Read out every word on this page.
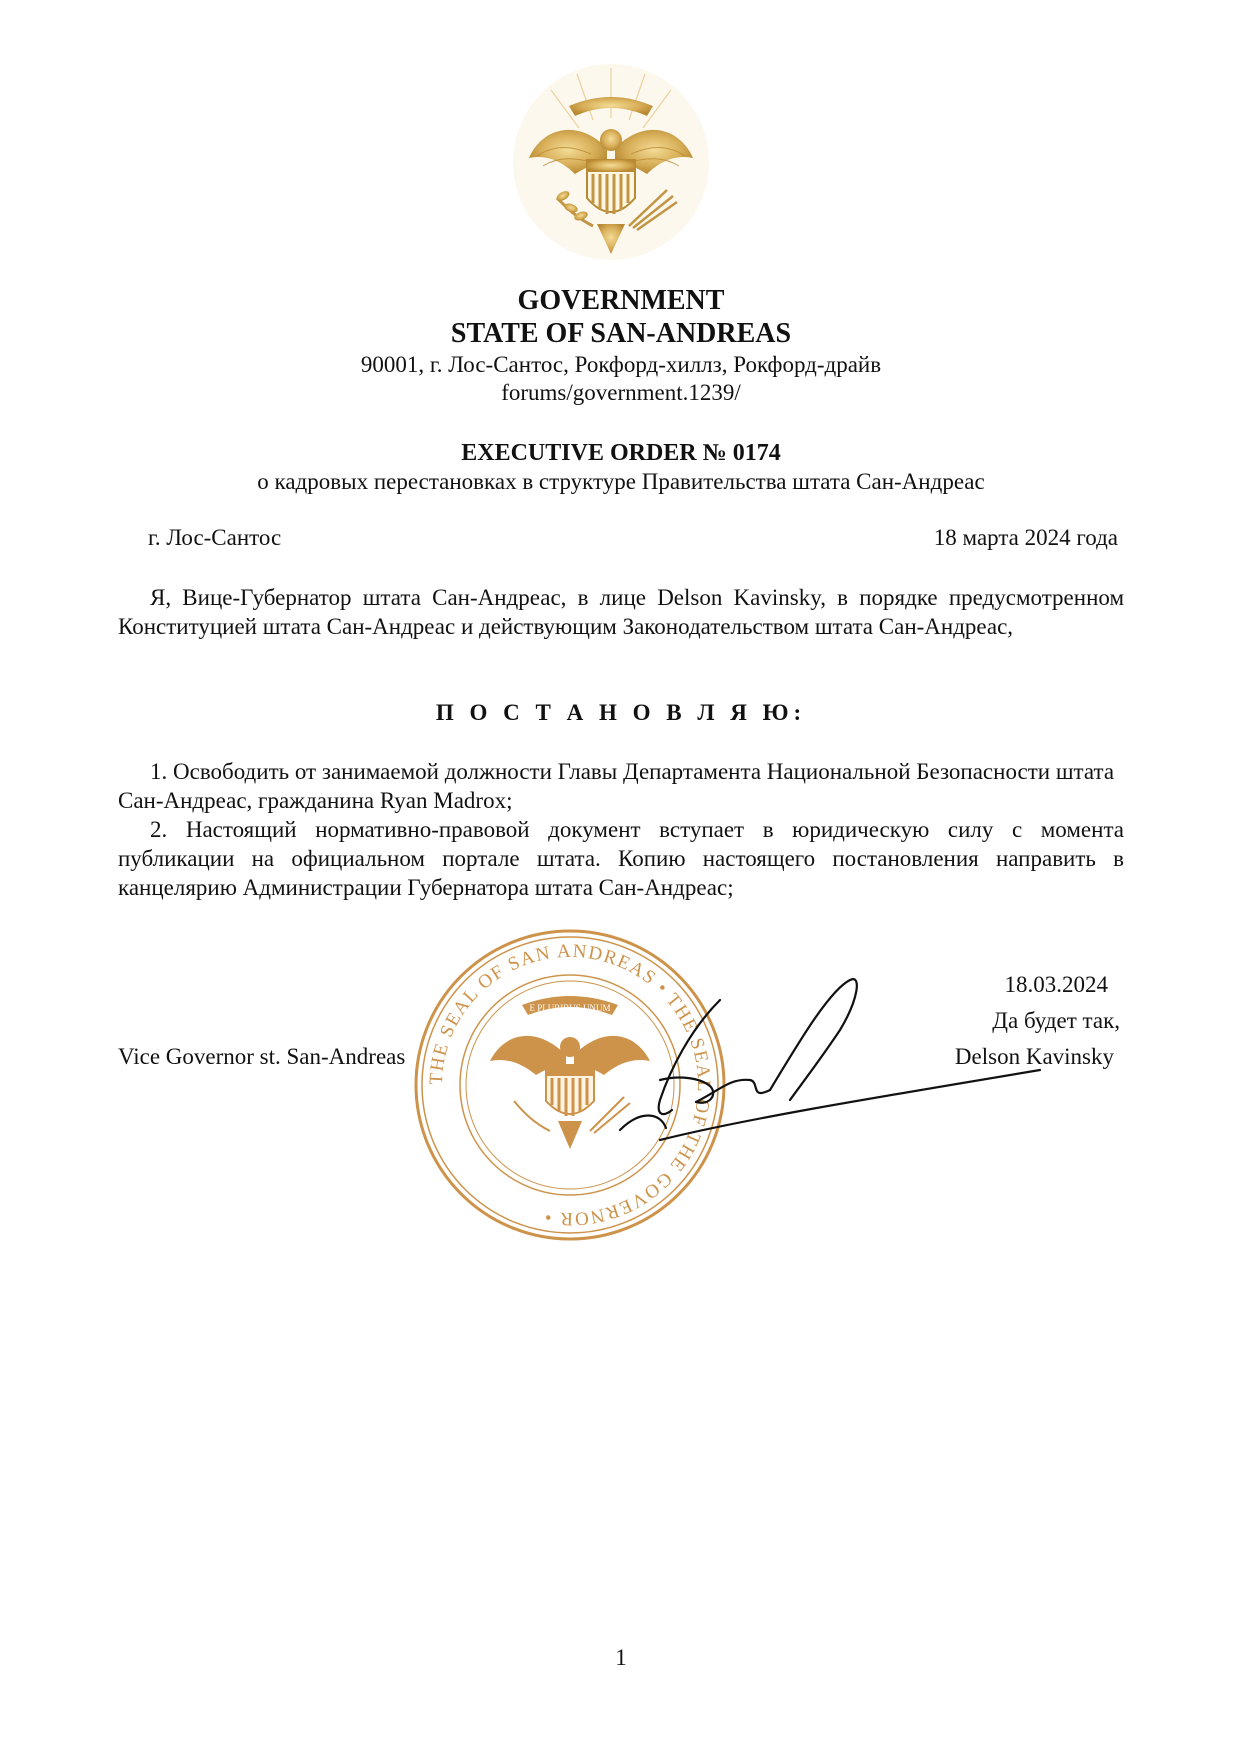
GOVERNMENT
STATE OF SAN-ANDREAS
90001, г. Лос-Сантос, Рокфорд-хиллз, Рокфорд-драйв
forums/government.1239/
EXECUTIVE ORDER № 0174
о кадровых перестановках в структуре Правительства штата Сан-Андреас
г. Лос-Сантос	18 марта 2024 года
Я, Вице-Губернатор штата Сан-Андреас, в лице Delson Kavinsky, в порядке предусмотренном Конституцией штата Сан-Андреас и действующим Законодательством штата Сан-Андреас,
П О С Т А Н О В Л Я Ю:
1. Освободить от занимаемой должности Главы Департамента Национальной Безопасности штата Сан-Андреас, гражданина Ryan Madrox;
2. Настоящий нормативно-правовой документ вступает в юридическую силу с момента публикации на официальном портале штата. Копию настоящего постановления направить в канцелярию Администрации Губернатора штата Сан-Андреас;
Vice Governor st. San-Andreas
18.03.2024
Да будет так,
Delson Kavinsky
THE SEAL OF SAN ANDREAS • THE SEAL OF THE GOVERNOR •
E PLURIBUS UNUM
1
